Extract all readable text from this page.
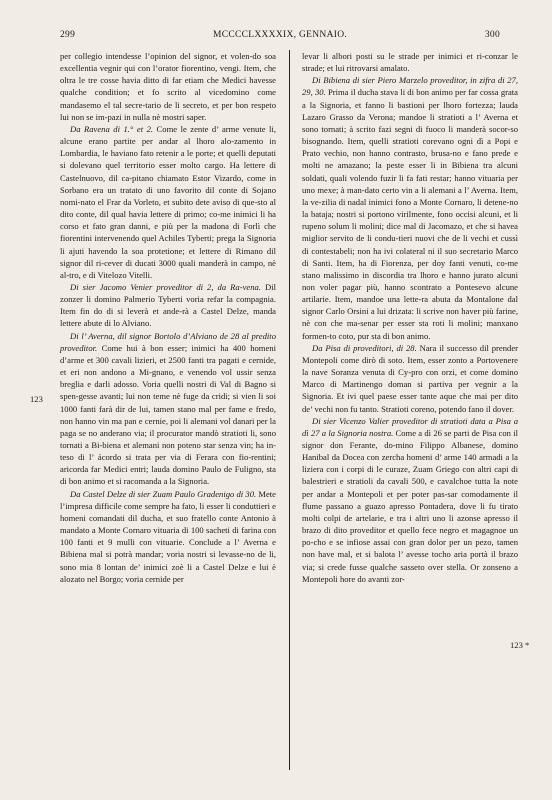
299	MCCCCLXXXXIX, GENNAIO.	300

per collegio intendesse l’opinion del signor, et volen-do soa excellentia vegnir qui con l’orator fiorentino, vengi. Item, che oltra le tre cosse havia ditto di far etiam che Medici havesse qualche condition; et fo scrito al vicedomino come mandasemo el tal secre-tario de li secreto, et per bon respeto lui non se im-pazi in nulla nè mostri saper.

Da Ravena di 1.° et 2. Come le zente d’ arme venute li, alcune erano partite per andar al lhoro alo-zamento in Lombardia, le haviano fato retenir a le porte; et quelli deputati si dolevano quel territorio esser molto cargo. Ha lettere di Castelnuovo, dil ca-pitano chiamato Estor Vizardo, come in Sorbano era un tratato di uno favorito dil conte di Sojano nomi-nato el Frar da Vorleto, et subito dete aviso di que-sto al dito conte, dil qual havia lettere di primo; co-me inimici li ha corso et fato gran danni, e più per la madona di Forlì che fiorentini intervenendo quel Achiles Tyberti; prega la Signoria li ajuti havendo la soa protetione; et lettere di Rimano dil signor dil ri-cever di ducati 3000 quali manderà in campo, nè al-tro, e di Vitelozo Vitelli.

Di sier Jacomo Venier proveditor di 2, da Ra-vena. Dil zonzer li domino Palmerio Tyberti voria refar la compagnia. Item fin do di si leverà et ande-rà a Castel Delze, manda lettere abute di lo Alviano.

Di l’ Averna, dil signor Bortolo d’Alviano de 28 al predito proveditor. Come hui à bon esser; inimici ha 400 homeni d’arme et 300 cavali lizieri, et 2500 fanti tra pagati e cernide, et eri non andono a Mi-gnano, e venendo vol ussir senza breglia e darli adosso. Voria quelli nostri di Val di Bagno si spen-gesse avanti; lui non teme nè fuge da cridi; si vien li soi 1000 fanti farà dir de lui, tamen stano mal per fame e fredo, non hanno vin ma pan e cernie, poi li alemani vol danari per la paga se no anderano via; il procurator mandò stratioti li, sono tornati a Bi-biena et alemani non poteno star senza vin; ha in-teso di l’ ácordo si trata per via di Ferara con fio-rentini; aricorda far Medici entri; lauda domino Paulo de Fuligno, sta di bon animo et si racomanda a la Signoria.

Da Castel Delze di sier Zuam Paulo Gradenigo di 30. Mete l’impresa difficile come sempre ha fato, li esser li conduttieri e homeni comandati dil ducha, et suo fratello conte Antonio à mandato a Monte Cornaro vituaria di 100 sacheti di farina con 100 fanti et 9 mulli con vituarie. Conclude a l’ Averna e Bibiena mal si potrà mandar; voria nostri si levasse-no de li, sono mia 8 lontan de’ inimici zoè li a Castel Delze e lui è alozato nel Borgo; voria cernide per

levar li albori posti su le strade per inimici et ri-conzar le strade; et lui ritrovarsi amalato.

Di Bibiena di sier Piero Marzelo proveditor, in zifra di 27, 29, 30. Prima il ducha stava li di bon animo per far cossa grata a la Signoria, et fanno li bastioni per lhoro fortezza; lauda Lazaro Grasso da Verona; mandoe li stratioti a l’ Averna et sono tornati; à scrito fazi segni di fuoco li manderà socor-so bisognando. Item, quelli stratioti corevano ogni dì a Popi e Prato vechio, non hanno contrasto, brusa-no e fano prede e molti ne amazano; la peste esser li in Bibiena tra alcuni soldati, quali volendo fuzir li fa fati restar; hanno vituaria per uno mexe; à man-dato certo vin a li alemani a l’ Averna. Item, la ve-zilia di nadal inimici fono a Monte Cornaro, li detene-no la bataja; nostri si portono virilmente, fono occisi alcuni, et li rupeno solum li molini; dice mal di Jacomazo, et che si havea miglior servito de li condu-tieri nuovi che de li vechi et cussì di contestabeli; non ha ivi colateral ni il suo secretario Marco di Santi. Item, ha di Fiorenza, per doy fanti venuti, co-me stano malissimo in discordia tra lhoro e hanno jurato alcuni non voler pagar più, hanno scontrato a Pontesevo alcune artilarie. Item, mandoe una lette-ra abuta da Montalone dal signor Carlo Orsini a lui drizata: li scrive non haver più farine, nè con che ma-senar per esser sta roti li molini; manxano formen-to coto, pur sta di bon animo.

Da Pisa di proveditori, di 28. Nara il successo dil prender Montepoli come dirò di soto. Item, esser zonto a Portovenere la nave Soranza venuta di Cy-pro con orzi, et come domino Marco di Martinengo doman si partiva per vegnir a la Signoria. Et ivi quel paese esser tante aque che mai per dito de’ vechi non fu tanto. Stratioti coreno, potendo fano il dover.

Di sier Vicenzo Valier proveditor di stratioti data a Pisa a dì 27 a la Signoria nostra. Come a dì 26 se parti de Pisa con il signor don Ferante, do-mino Filippo Albanese, domino Hanibal da Docea con zercha homeni d’ arme 140 armadi a la liziera con i corpi di le curaze, Zuam Griego con altri capi di balestrieri e stratioli da cavali 500, e cavalchoe tutta la note per andar a Montepoli et per poter pas-sar comodamente il flume passano a guazo apresso Pontadera, dove li fu tirato molti colpi de artelarie, e tra i altri uno li azonse apresso il brazo di dito proveditor et quello fece negro et magagnoe un po-cho e se infiose assai con gran dolor per un pezo, tamen non have mal, et si balota l’ avesse tocho aria portà il brazo via; si crede fusse qualche sasseto over stella. Or zonseno a Montepoli hore do avanti zor-

123
123 *
